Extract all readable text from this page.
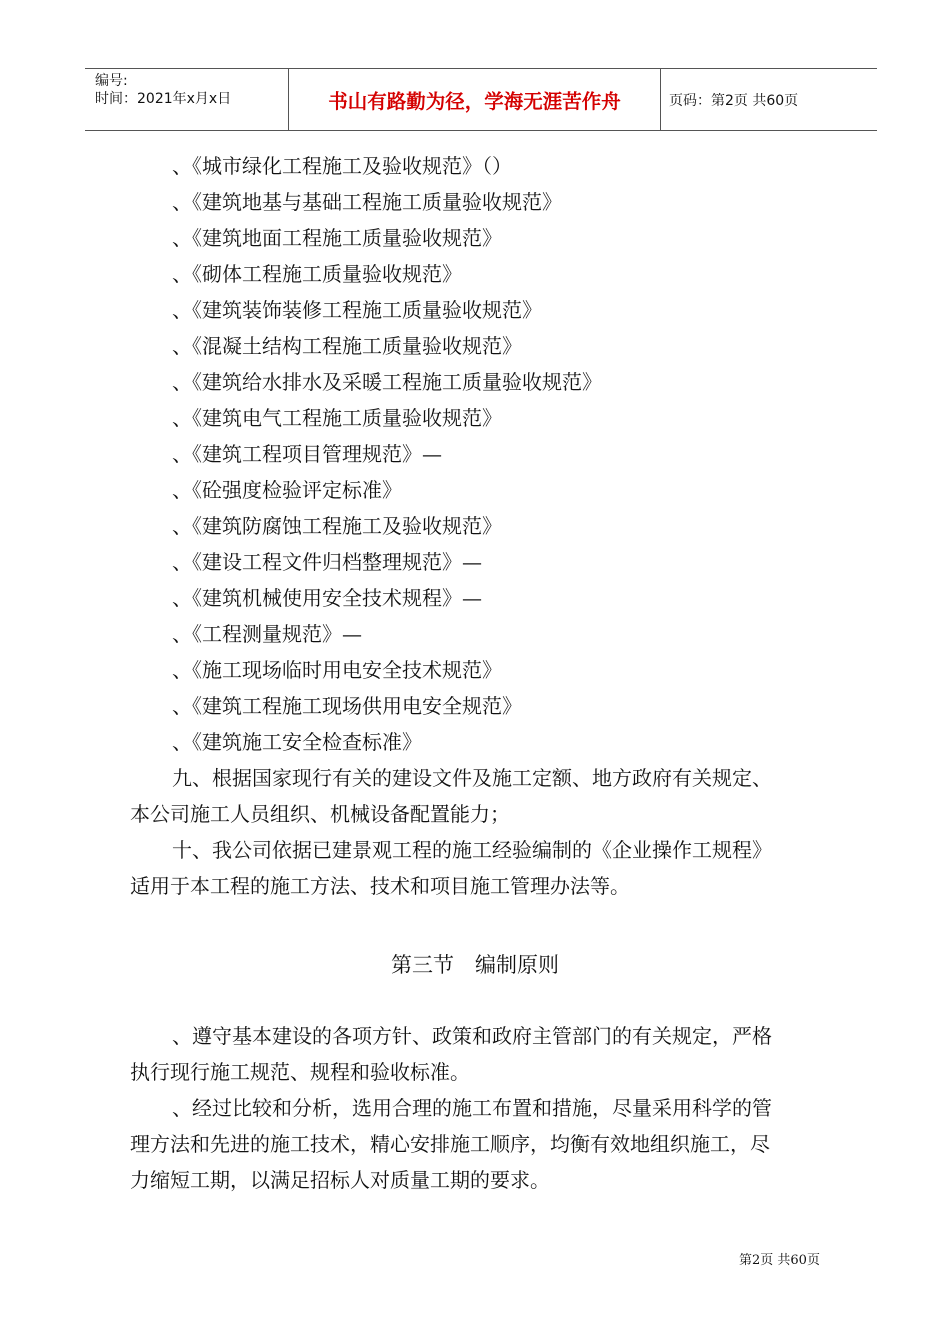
编号:
时间：2021年x月x日	书山有路勤为径，学海无涯苦作舟	页码：第2页 共60页
、《城市绿化工程施工及验收规范》（）
、《建筑地基与基础工程施工质量验收规范》
、《建筑地面工程施工质量验收规范》
、《砌体工程施工质量验收规范》
、《建筑装饰装修工程施工质量验收规范》
、《混凝土结构工程施工质量验收规范》
、《建筑给水排水及采暖工程施工质量验收规范》
、《建筑电气工程施工质量验收规范》
、《建筑工程项目管理规范》—
、《砼强度检验评定标准》
、《建筑防腐蚀工程施工及验收规范》
、《建设工程文件归档整理规范》—
、《建筑机械使用安全技术规程》—
、《工程测量规范》—
、《施工现场临时用电安全技术规范》
、《建筑工程施工现场供用电安全规范》
、《建筑施工安全检查标准》
九、根据国家现行有关的建设文件及施工定额、地方政府有关规定、
本公司施工人员组织、机械设备配置能力；
十、我公司依据已建景观工程的施工经验编制的《企业操作工规程》
适用于本工程的施工方法、技术和项目施工管理办法等。
第三节　编制原则
、遵守基本建设的各项方针、政策和政府主管部门的有关规定，严格
执行现行施工规范、规程和验收标准。
、经过比较和分析，选用合理的施工布置和措施，尽量采用科学的管
理方法和先进的施工技术，精心安排施工顺序，均衡有效地组织施工，尽
力缩短工期，以满足招标人对质量工期的要求。
第2页 共60页
